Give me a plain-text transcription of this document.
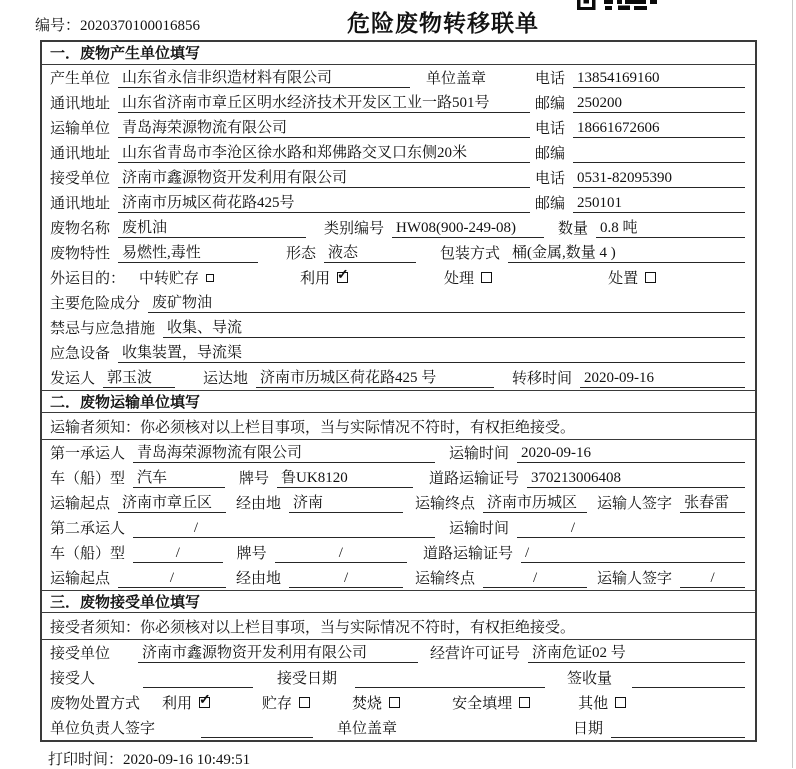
编号：2020370100016856	危险废物转移联单
一．废物产生单位填写
产生单位 山东省永信非织造材料有限公司	单位盖章	电话 13854169160
通讯地址 山东省济南市章丘区明水经济技术开发区工业一路501号	邮编 250200
运输单位 青岛海荣源物流有限公司	电话 18661672606
通讯地址 山东省青岛市李沧区徐水路和郑佛路交叉口东侧20米	邮编
接受单位 济南市鑫源物资开发利用有限公司	电话 0531-82095390
通讯地址 济南市历城区荷花路425号	邮编 250101
废物名称 废机油	类别编号 HW08(900-249-08)	数量 0.8 吨
废物特性 易燃性,毒性	形态 液态	包装方式 桶(金属,数量 4 )
外运目的： 中转贮存	利用 ✓	处理	处置
主要危险成分 废矿物油
禁忌与应急措施 收集、导流
应急设备 收集装置，导流渠
发运人 郭玉波	运达地 济南市历城区荷花路425 号	转移时间 2020-09-16
二．废物运输单位填写
运输者须知：你必须核对以上栏目事项，当与实际情况不符时，有权拒绝接受。
第一承运人 青岛海荣源物流有限公司	运输时间 2020-09-16
车（船）型 汽车	牌号 鲁UK8120	道路运输证号 370213006408
运输起点 济南市章丘区	经由地 济南	运输终点 济南市历城区	运输人签字 张春雷
第二承运人	/	运输时间	/
车（船）型	/	牌号	/	道路运输证号 /
运输起点	/	经由地	/	运输终点	/	运输人签字	/
三．废物接受单位填写
接受者须知：你必须核对以上栏目事项，当与实际情况不符时，有权拒绝接受。
接受单位 济南市鑫源物资开发利用有限公司	经营许可证号 济南危证02 号
接受人	接受日期	签收量
废物处置方式 利用 ✓	贮存	焚烧	安全填埋	其他
单位负责人签字	单位盖章	日期
打印时间：2020-09-16 10:49:51
